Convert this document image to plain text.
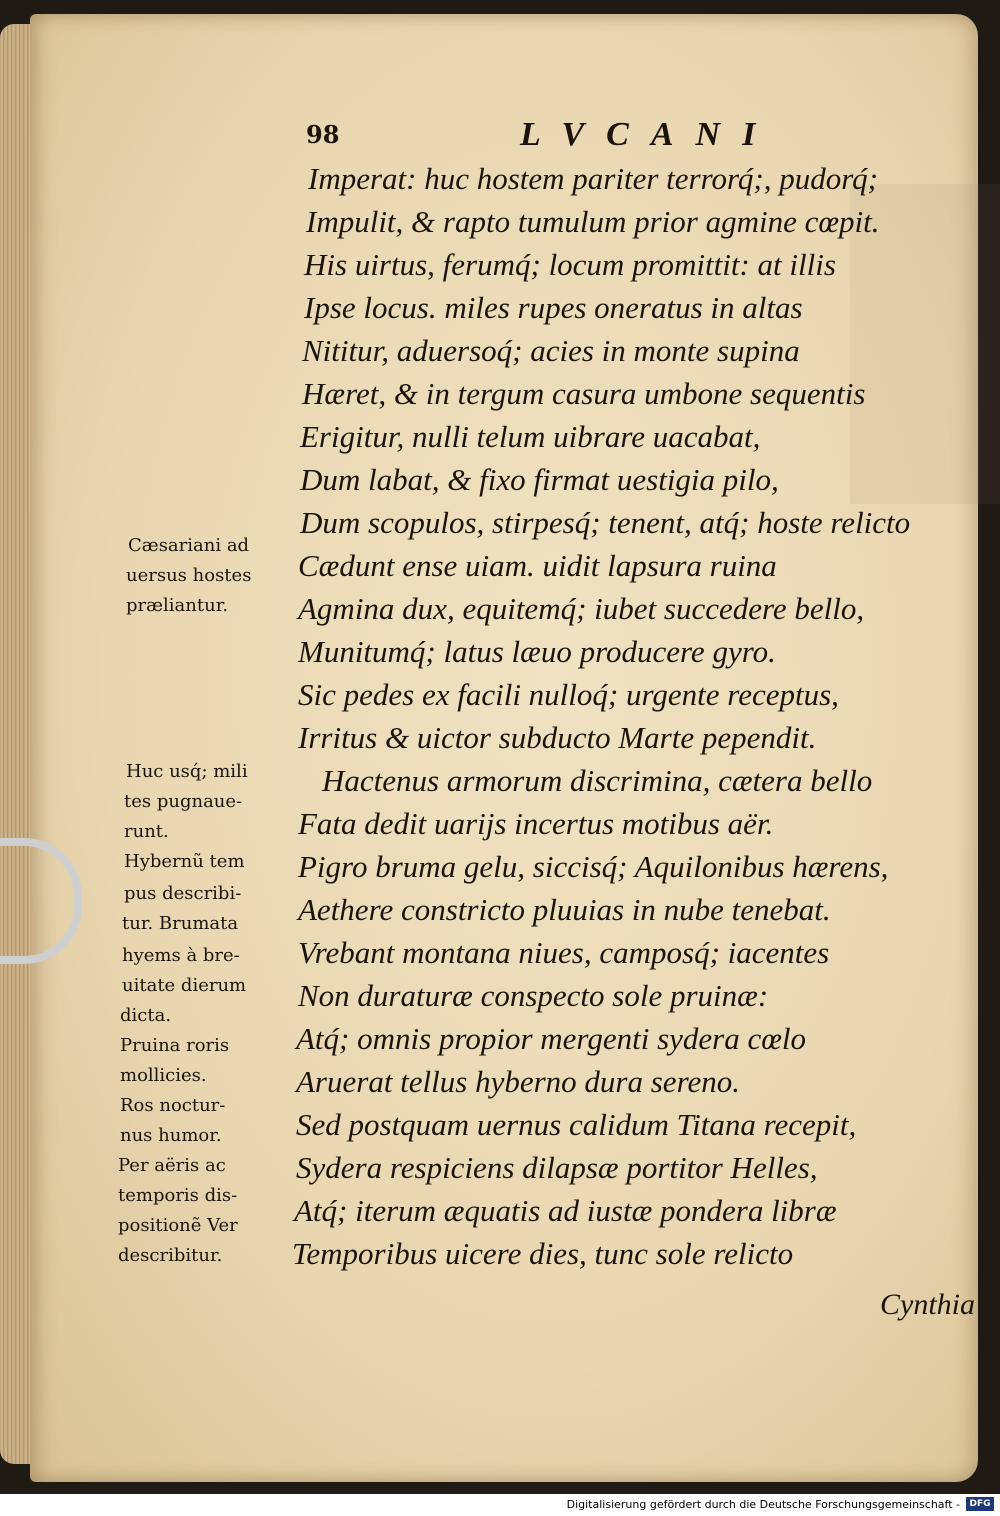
98	LVCANI

Imperat: huc hostem pariter terrorq́;, pudorq́;

Impulit, & rapto tumulum prior agmine cœpit.

His uirtus, ferumq́; locum promittit: at illis

Ipse locus. miles rupes oneratus in altas

Nititur, aduersoq́; acies in monte supina

Hæret, & in tergum casura umbone sequentis

Erigitur, nulli telum uibrare uacabat,

Dum labat, & fixo firmat uestigia pilo,

Dum scopulos, stirpesq́; tenent, atq́; hoste relicto

Cædunt ense uiam. uidit lapsura ruina

Agmina dux, equitemq́; iubet succedere bello,

Munitumq́; latus læuo producere gyro.

Sic pedes ex facili nulloq́; urgente receptus,

Irritus & uictor subducto Marte pependit.

Hactenus armorum discrimina, cætera bello

Fata dedit uarijs incertus motibus aër.

Pigro bruma gelu, siccisq́; Aquilonibus hærens,

Aethere constricto pluuias in nube tenebat.

Vrebant montana niues, camposq́; iacentes

Non duraturæ conspecto sole pruinæ:

Atq́; omnis propior mergenti sydera cœlo

Aruerat tellus hyberno dura sereno.

Sed postquam uernus calidum Titana recepit,

Sydera respiciens dilapsæ portitor Helles,

Atq́; iterum æquatis ad iustæ pondera libræ

Temporibus uicere dies, tunc sole relicto

Cæsariani ad

uersus hostes

præliantur.

Huc usq́; mili

tes pugnaue-

runt.

Hybernũ tem

pus describi-

tur. Brumata

hyems à bre-

uitate dierum

dicta.

Pruina roris

mollicies.

Ros noctur-

nus humor.

Per aëris ac

temporis dis-

positionẽ Ver

describitur.

Cynthia
Digitalisierung gefördert durch die Deutsche Forschungsgemeinschaft -	DFG
